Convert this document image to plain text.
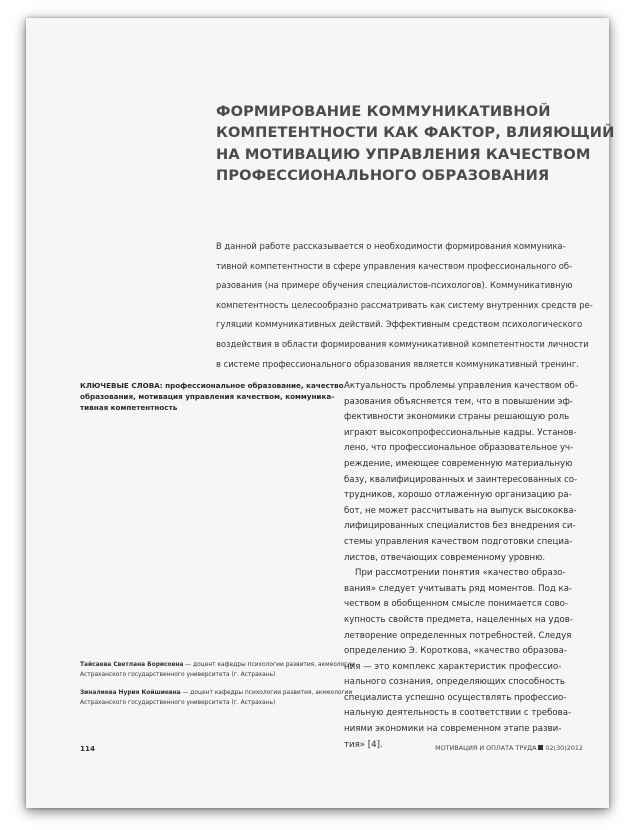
ФОРМИРОВАНИЕ КОММУНИКАТИВНОЙ
КОМПЕТЕНТНОСТИ КАК ФАКТОР, ВЛИЯЮЩИЙ
НА МОТИВАЦИЮ УПРАВЛЕНИЯ КАЧЕСТВОМ
ПРОФЕССИОНАЛЬНОГО ОБРАЗОВАНИЯ
В данной работе рассказывается о необходимости формирования коммуника-
тивной компетентности в сфере управления качеством профессионального об-
разования (на примере обучения специалистов-психологов). Коммуникативную
компетентность целесообразно рассматривать как систему внутренних средств ре-
гуляции коммуникативных действий. Эффективным средством психологического
воздействия в области формирования коммуникативной компетентности личности
в системе профессионального образования является коммуникативный тренинг.
КЛЮЧЕВЫЕ СЛОВА: профессиональное образование, качество
образования, мотивация управления качеством, коммуника-
тивная компетентность
Актуальность проблемы управления качеством об-
разования объясняется тем, что в повышении эф-
фективности экономики страны решающую роль
играют высокопрофессиональные кадры. Установ-
лено, что профессиональное образовательное уч-
реждение, имеющее современную материальную
базу, квалифицированных и заинтересованных со-
трудников, хорошо отлаженную организацию ра-
бот, не может рассчитывать на выпуск высококва-
лифицированных специалистов без внедрения си-
стемы управления качеством подготовки специа-
листов, отвечающих современному уровню.
При рассмотрении понятия «качество образо-
вания» следует учитывать ряд моментов. Под ка-
чеством в обобщенном смысле понимается сово-
купность свойств предмета, нацеленных на удов-
летворение определенных потребностей. Следуя
определению Э. Короткова, «качество образова-
ния — это комплекс характеристик профессио-
нального сознания, определяющих способность
специалиста успешно осуществлять профессио-
нальную деятельность в соответствии с требова-
ниями экономики на современном этапе разви-
тия» [4].
Тайсаева Светлана Борисовна — доцент кафедры психологии развития, акмеологии
Астраханского государственного университета (г. Астрахань)
Зиналиева Нурия Койшиевна — доцент кафедры психологии развития, акмеологии
Астраханского государственного университета (г. Астрахань)
114	МОТИВАЦИЯ И ОПЛАТА ТРУДА 02(30)2012
